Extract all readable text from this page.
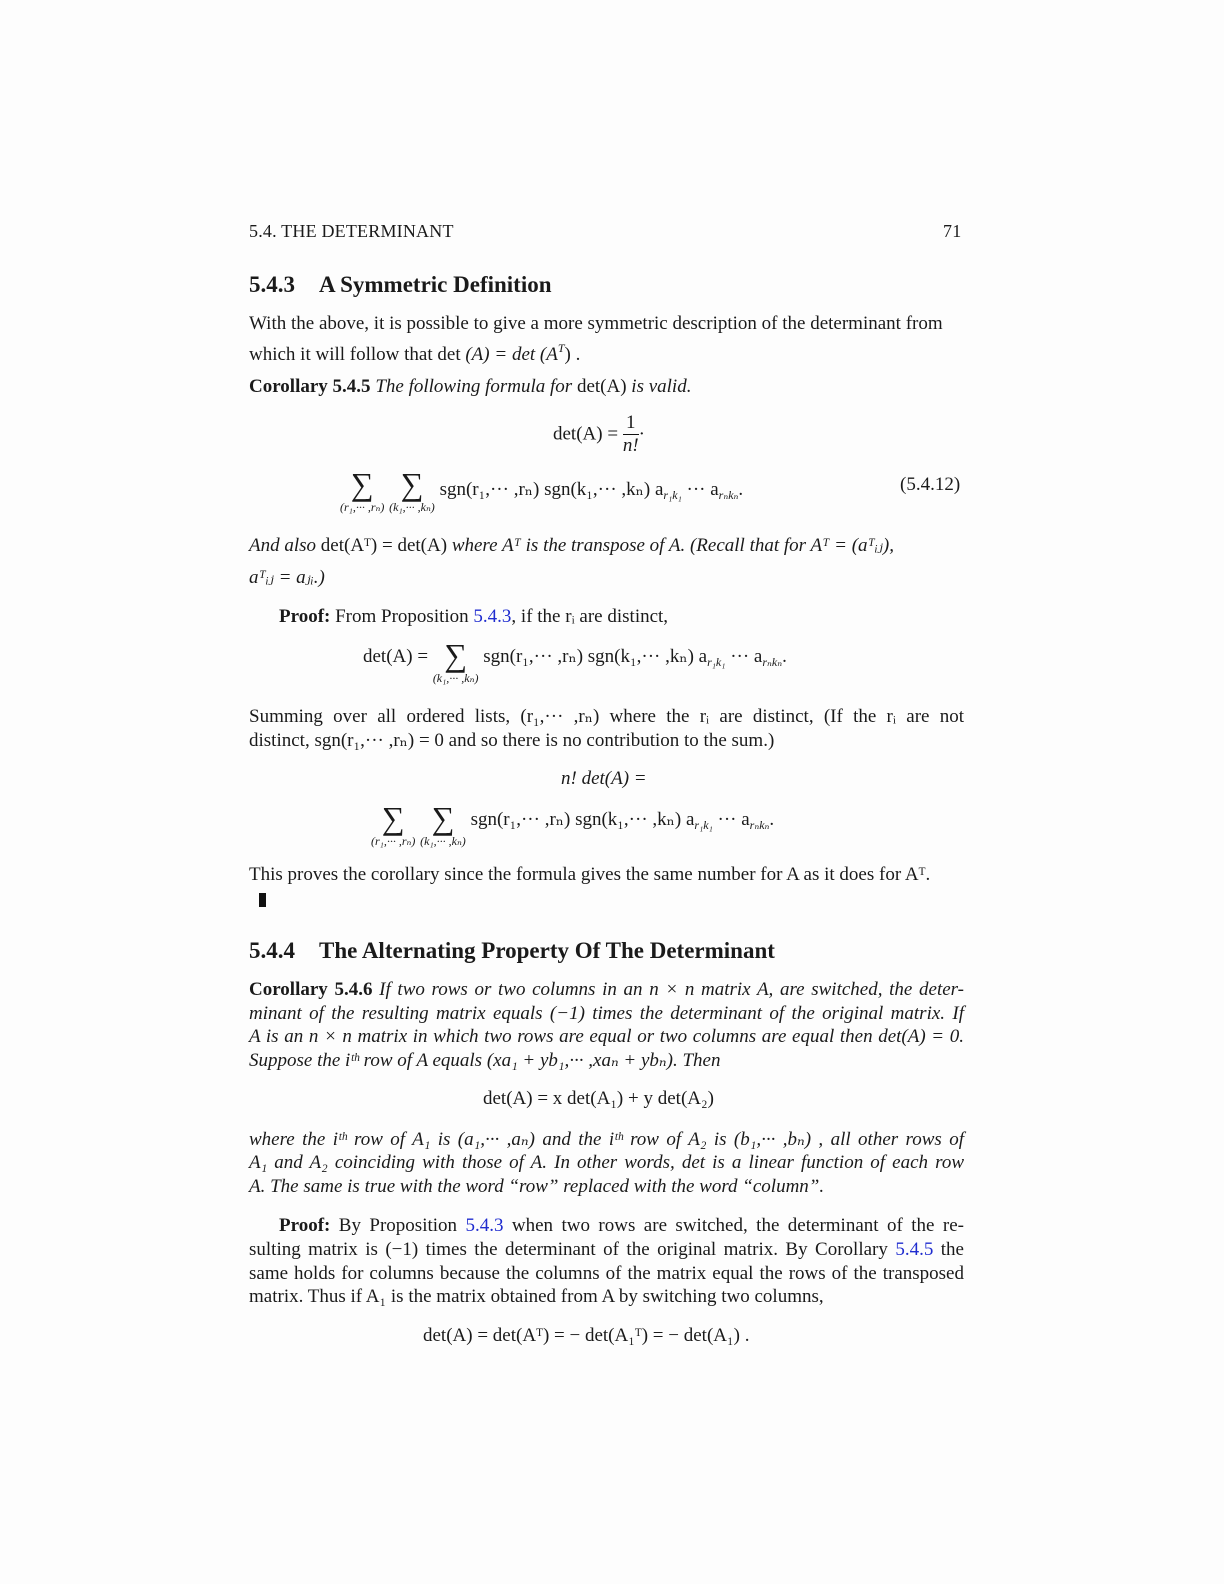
5.4. THE DETERMINANT	71
5.4.3 A Symmetric Definition
With the above, it is possible to give a more symmetric description of the determinant from
which it will follow that $\det (A) = \det (A^T)$ .
Corollary 5.4.5 The following formula for det(A) is valid.
$\det(A) = \frac{1}{n!}$ ·
∑
(r₁,··· ,rₙ)

∑
(k₁,··· ,kₙ)
sgn(r₁,··· ,rₙ) sgn(k₁,··· ,kₙ) $a_{r_1k_1}$ ··· $a_{r_nk_n}$.	(5.4.12)
And also det(Aᵀ) = det(A) where Aᵀ is the transpose of A. (Recall that for Aᵀ = (aᵀᵢⱼ),
aᵀᵢⱼ = aⱼᵢ.)
Proof: From Proposition 5.4.3, if the rᵢ are distinct,
det(A) = ∑
(k₁,··· ,kₙ)
sgn(r₁,··· ,rₙ) sgn(k₁,··· ,kₙ) $a_{r_1k_1}$ ··· $a_{r_nk_n}$.
Summing over all ordered lists, (r₁,··· ,rₙ) where the rᵢ are distinct, (If the rᵢ are not
distinct, sgn(r₁,··· ,rₙ) = 0 and so there is no contribution to the sum.)
n! det(A) =
∑
(r₁,··· ,rₙ)

∑
(k₁,··· ,kₙ)
sgn(r₁,··· ,rₙ) sgn(k₁,··· ,kₙ) $a_{r_1k_1}$ ··· $a_{r_nk_n}$.
This proves the corollary since the formula gives the same number for A as it does for Aᵀ.
5.4.4 The Alternating Property Of The Determinant
Corollary 5.4.6 If two rows or two columns in an n × n matrix A, are switched, the deter-
minant of the resulting matrix equals (−1) times the determinant of the original matrix. If
A is an n × n matrix in which two rows are equal or two columns are equal then det(A) = 0.
Suppose the iᵗʰ row of A equals (xa₁ + yb₁,··· ,xaₙ + ybₙ). Then
det(A) = x det(A₁) + y det(A₂)
where the iᵗʰ row of A₁ is (a₁,··· ,aₙ) and the iᵗʰ row of A₂ is (b₁,··· ,bₙ) , all other rows of
A₁ and A₂ coinciding with those of A. In other words, det is a linear function of each row
A. The same is true with the word “row” replaced with the word “column”.
Proof: By Proposition 5.4.3 when two rows are switched, the determinant of the re-
sulting matrix is (−1) times the determinant of the original matrix. By Corollary 5.4.5 the
same holds for columns because the columns of the matrix equal the rows of the transposed
matrix. Thus if A₁ is the matrix obtained from A by switching two columns,
det(A) = det(Aᵀ) = − det(A₁ᵀ) = − det(A₁) .
